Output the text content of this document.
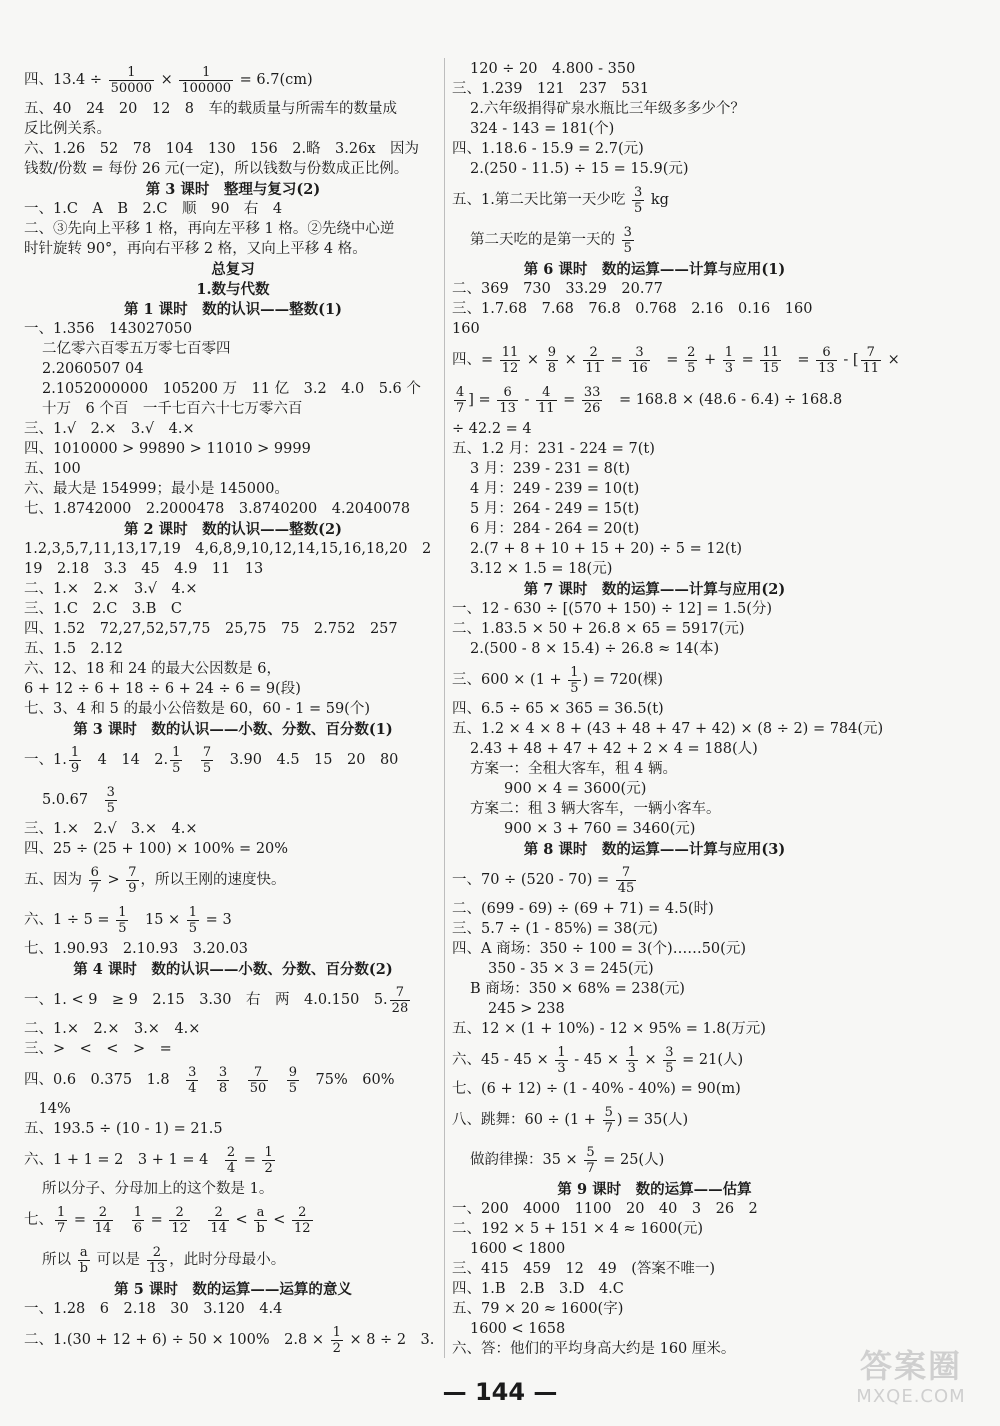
四、$13.4 \div \frac{1}{50000} \times \frac{1}{100000} = 6.7(cm)$
五、40　24　20　12　8　车的载质量与所需车的数量成
反比例关系。
六、1.26　52　78　104　130　156　2.略　3.26x　因为
钱数/份数 = 每份 26 元(一定)，所以钱数与份数成正比例。
第 3 课时　整理与复习(2)
一、1.C　A　B　2.C　顺　90　右　4
二、③先向上平移 1 格，再向左平移 1 格。②先绕中心逆
时针旋转 90°，再向右平移 2 格，又向上平移 4 格。
总复习
1.数与代数
第 1 课时　数的认识——整数(1)
一、1.356　143027050
二亿零六百零五万零七百零四
2.2060507 04
2.1052000000　105200 万　11 亿　3.2　4.0　5.6 个
十万　6 个百　一千七百六十七万零六百
三、1.√　2.×　3.√　4.×
四、1010000 > 99890 > 11010 > 9999
五、100
六、最大是 154999；最小是 145000。
七、1.8742000　2.2000478　3.8740200　4.2040078
第 2 课时　数的认识——整数(2)
1.2,3,5,7,11,13,17,19　4,6,8,9,10,12,14,15,16,18,20　2
19　2.18　3.3　45　4.9　11　13
二、1.×　2.×　3.√　4.×
三、1.C　2.C　3.B　C
四、1.52　72,27,52,57,75　25,75　75　2.752　257
五、1.5　2.12
六、12、18 和 24 的最大公因数是 6，
6 + 12 ÷ 6 + 18 ÷ 6 + 24 ÷ 6 = 9(段)
七、3、4 和 5 的最小公倍数是 60，60 - 1 = 59(个)
第 3 课时　数的认识——小数、分数、百分数(1)
一、1. $\frac{1}{9}$ 　4　14　2. $\frac{1}{5}$
　 $\frac{7}{5}$ 　3.90　4.5　15　20　80
5.0.67　 $\frac{3}{5}$
三、1.×　2.√　3.×　4.×
四、25 ÷ (25 + 100) × 100% = 20%
五、因为 $\frac{6}{7} > \frac{7}{9}$ ，所以王刚的速度快。
六、$1 \div 5 = \frac{1}{5}$ 　$15 \times \frac{1}{5} = 3$
七、1.90.93　2.10.93　3.20.03
第 4 课时　数的认识——小数、分数、百分数(2)
一、1. < 9　≥ 9　2.15　3.30　右　两　4.0.150　5. $\frac{7}{28}$
二、1.×　2.×　3.×　4.×
三、>　<　<　>　=
四、0.6　0.375　1.8　 $\frac{3}{4}$
　 $\frac{3}{8}$
　 $\frac{7}{50}$
　 $\frac{9}{5}$ 　75%　60%
　14%
五、193.5 ÷ (10 - 1) = 21.5
六、1 + 1 = 2　3 + 1 = 4　 $\frac{2}{4} = \frac{1}{2}$
所以分子、分母加上的这个数是 1。
七、 $\frac{1}{7} = \frac{2}{14}$
　 $\frac{1}{6} = \frac{2}{12}$
　 $\frac{2}{14} < \frac{a}{b} < \frac{2}{12}$
所以 $\frac{a}{b}$ 可以是 $\frac{2}{13}$ ，此时分母最小。
第 5 课时　数的运算——运算的意义
一、1.28　6　2.18　30　3.120　4.4
二、1.(30 + 12 + 6) ÷ 50 × 100%　$2.8 \times \frac{1}{2} \times 8 \div 2$　3.
120 ÷ 20　4.800 - 350
三、1.239　121　237　531
2.六年级捐得矿泉水瓶比三年级多多少个？
324 - 143 = 181(个)
四、1.18.6 - 15.9 = 2.7(元)
2.(250 - 11.5) ÷ 15 = 15.9(元)
五、1.第二天比第一天少吃 $\frac{3}{5}$ kg
第二天吃的是第一天的 $\frac{3}{5}$
第 6 课时　数的运算——计算与应用(1)
二、369　730　33.29　20.77
三、1.7.68　7.68　76.8　0.768　2.16　0.16　160
160
四、= $\frac{11}{12} \times \frac{9}{8} \times \frac{2}{11} = \frac{3}{16}$ 　= $\frac{2}{5} + \frac{1}{3} = \frac{11}{15}$ 　= $\frac{6}{13}$ - [ $\frac{7}{11}$ ×
$\frac{4}{7}$ ] = $\frac{6}{13} - \frac{4}{11} = \frac{33}{26}$ 　= 168.8 × (48.6 - 6.4) ÷ 168.8
÷ 42.2 = 4
五、1.2 月：231 - 224 = 7(t)
3 月：239 - 231 = 8(t)
4 月：249 - 239 = 10(t)
5 月：264 - 249 = 15(t)
6 月：284 - 264 = 20(t)
2.(7 + 8 + 10 + 15 + 20) ÷ 5 = 12(t)
3.12 × 1.5 = 18(元)
第 7 课时　数的运算——计算与应用(2)
一、12 - 630 ÷ [(570 + 150) ÷ 12] = 1.5(分)
二、1.83.5 × 50 + 26.8 × 65 = 5917(元)
2.(500 - 8 × 15.4) ÷ 26.8 ≈ 14(本)
三、$600 \times (1 + \frac{1}{5}$ ) = 720(棵)
四、6.5 ÷ 65 × 365 = 36.5(t)
五、1.2 × 4 × 8 + (43 + 48 + 47 + 42) × (8 ÷ 2) = 784(元)
2.43 + 48 + 47 + 42 + 2 × 4 = 188(人)
方案一：全租大客车，租 4 辆。
900 × 4 = 3600(元)
方案二：租 3 辆大客车，一辆小客车。
900 × 3 + 760 = 3460(元)
第 8 课时　数的运算——计算与应用(3)
一、$70 \div (520 - 70) = \frac{7}{45}$
二、(699 - 69) ÷ (69 + 71) = 4.5(时)
三、5.7 ÷ (1 - 85%) = 38(元)
四、A 商场：350 ÷ 100 = 3(个)……50(元)
350 - 35 × 3 = 245(元)
B 商场：350 × 68% = 238(元)
245 > 238
五、12 × (1 + 10%) - 12 × 95% = 1.8(万元)
六、$45 - 45 \times \frac{1}{3} - 45 \times \frac{1}{3} \times \frac{3}{5} = 21$(人)
七、(6 + 12) ÷ (1 - 40% - 40%) = 90(m)
八、跳舞：$60 \div (1 + \frac{5}{7}$ ) = 35(人)
做韵律操：$35 \times \frac{5}{7} = 25$(人)
第 9 课时　数的运算——估算
一、200　4000　1100　20　40　3　26　2
二、192 × 5 + 151 × 4 ≈ 1600(元)
1600 < 1800
三、415　459　12　49　(答案不唯一)
四、1.B　2.B　3.D　4.C
五、79 × 20 ≈ 1600(字)
1600 < 1658
六、答：他们的平均身高大约是 160 厘米。
— 144 —
答案圈
MXQE.COM
